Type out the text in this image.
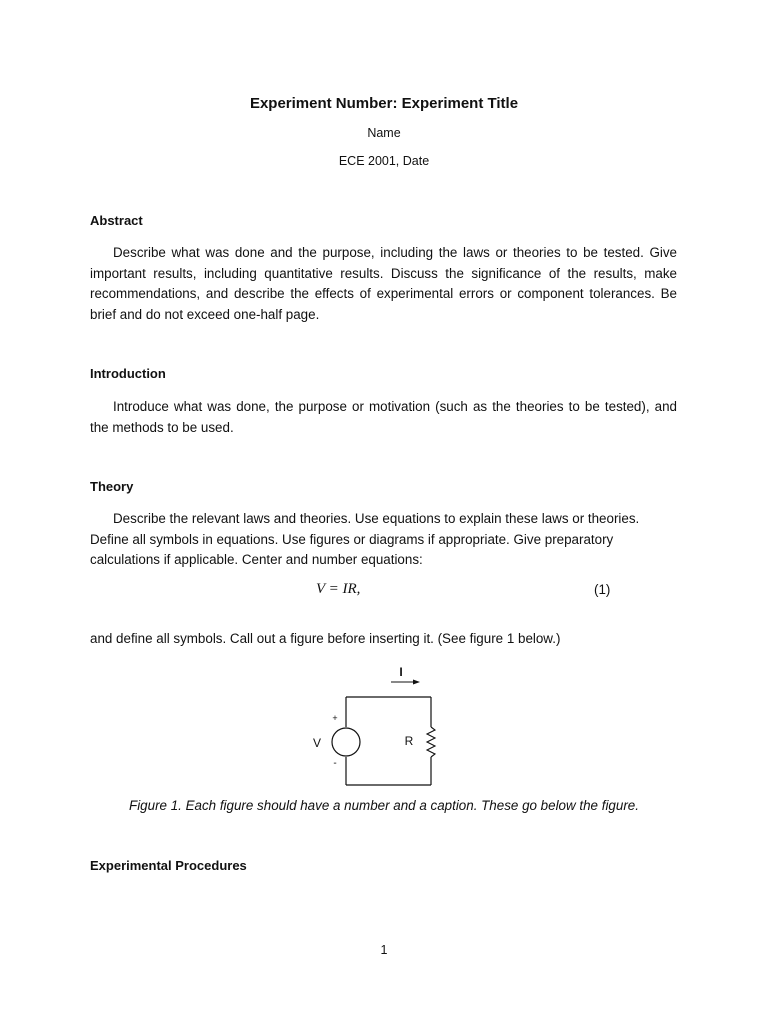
Experiment Number: Experiment Title
Name
ECE 2001, Date
Abstract
Describe what was done and the purpose, including the laws or theories to be tested. Give important results, including quantitative results. Discuss the significance of the results, make recommendations, and describe the effects of experimental errors or component tolerances. Be brief and do not exceed one-half page.
Introduction
Introduce what was done, the purpose or motivation (such as the theories to be tested), and the methods to be used.
Theory
Describe the relevant laws and theories. Use equations to explain these laws or theories. Define all symbols in equations. Use figures or diagrams if appropriate. Give preparatory calculations if applicable. Center and number equations:
V = IR,	(1)
and define all symbols. Call out a figure before inserting it. (See figure 1 below.)
I
+
-
V	R
Figure 1. Each figure should have a number and a caption. These go below the figure.
Experimental Procedures
1
